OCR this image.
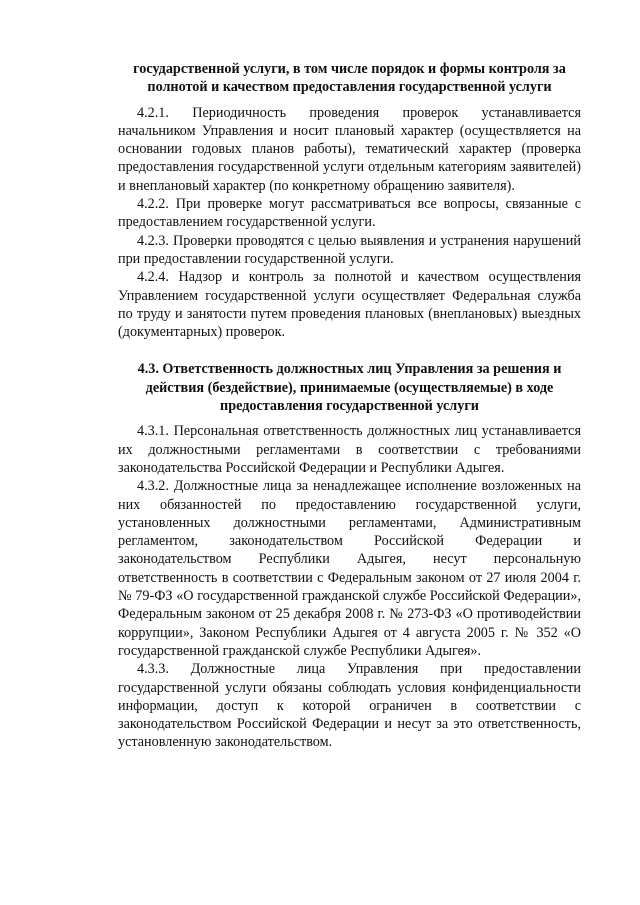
государственной услуги, в том числе порядок и формы контроля за полнотой и качеством предоставления государственной услуги

4.2.1. Периодичность проведения проверок устанавливается начальником Управления и носит плановый характер (осуществляется на основании годовых планов работы), тематический характер (проверка предоставления государственной услуги отдельным категориям заявителей) и внеплановый характер (по конкретному обращению заявителя).

4.2.2. При проверке могут рассматриваться все вопросы, связанные с предоставлением государственной услуги.

4.2.3. Проверки проводятся с целью выявления и устранения нарушений при предоставлении государственной услуги.

4.2.4. Надзор и контроль за полнотой и качеством осуществления Управлением государственной услуги осуществляет Федеральная служба по труду и занятости путем проведения плановых (внеплановых) выездных (документарных) проверок.

4.3. Ответственность должностных лиц Управления за решения и действия (бездействие), принимаемые (осуществляемые) в ходе предоставления государственной услуги

4.3.1. Персональная ответственность должностных лиц устанавливается их должностными регламентами в соответствии с требованиями законодательства Российской Федерации и Республики Адыгея.

4.3.2. Должностные лица за ненадлежащее исполнение возложенных на них обязанностей по предоставлению государственной услуги, установленных должностными регламентами, Административным регламентом, законодательством Российской Федерации и законодательством Республики Адыгея, несут персональную ответственность в соответствии с Федеральным законом от 27 июля 2004 г. № 79-ФЗ «О государственной гражданской службе Российской Федерации», Федеральным законом от 25 декабря 2008 г. № 273-ФЗ «О противодействии коррупции», Законом Республики Адыгея от 4 августа 2005 г. № 352 «О государственной гражданской службе Республики Адыгея».

4.3.3. Должностные лица Управления при предоставлении государственной услуги обязаны соблюдать условия конфиденциальности информации, доступ к которой ограничен в соответствии с законодательством Российской Федерации и несут за это ответственность, установленную законодательством.
